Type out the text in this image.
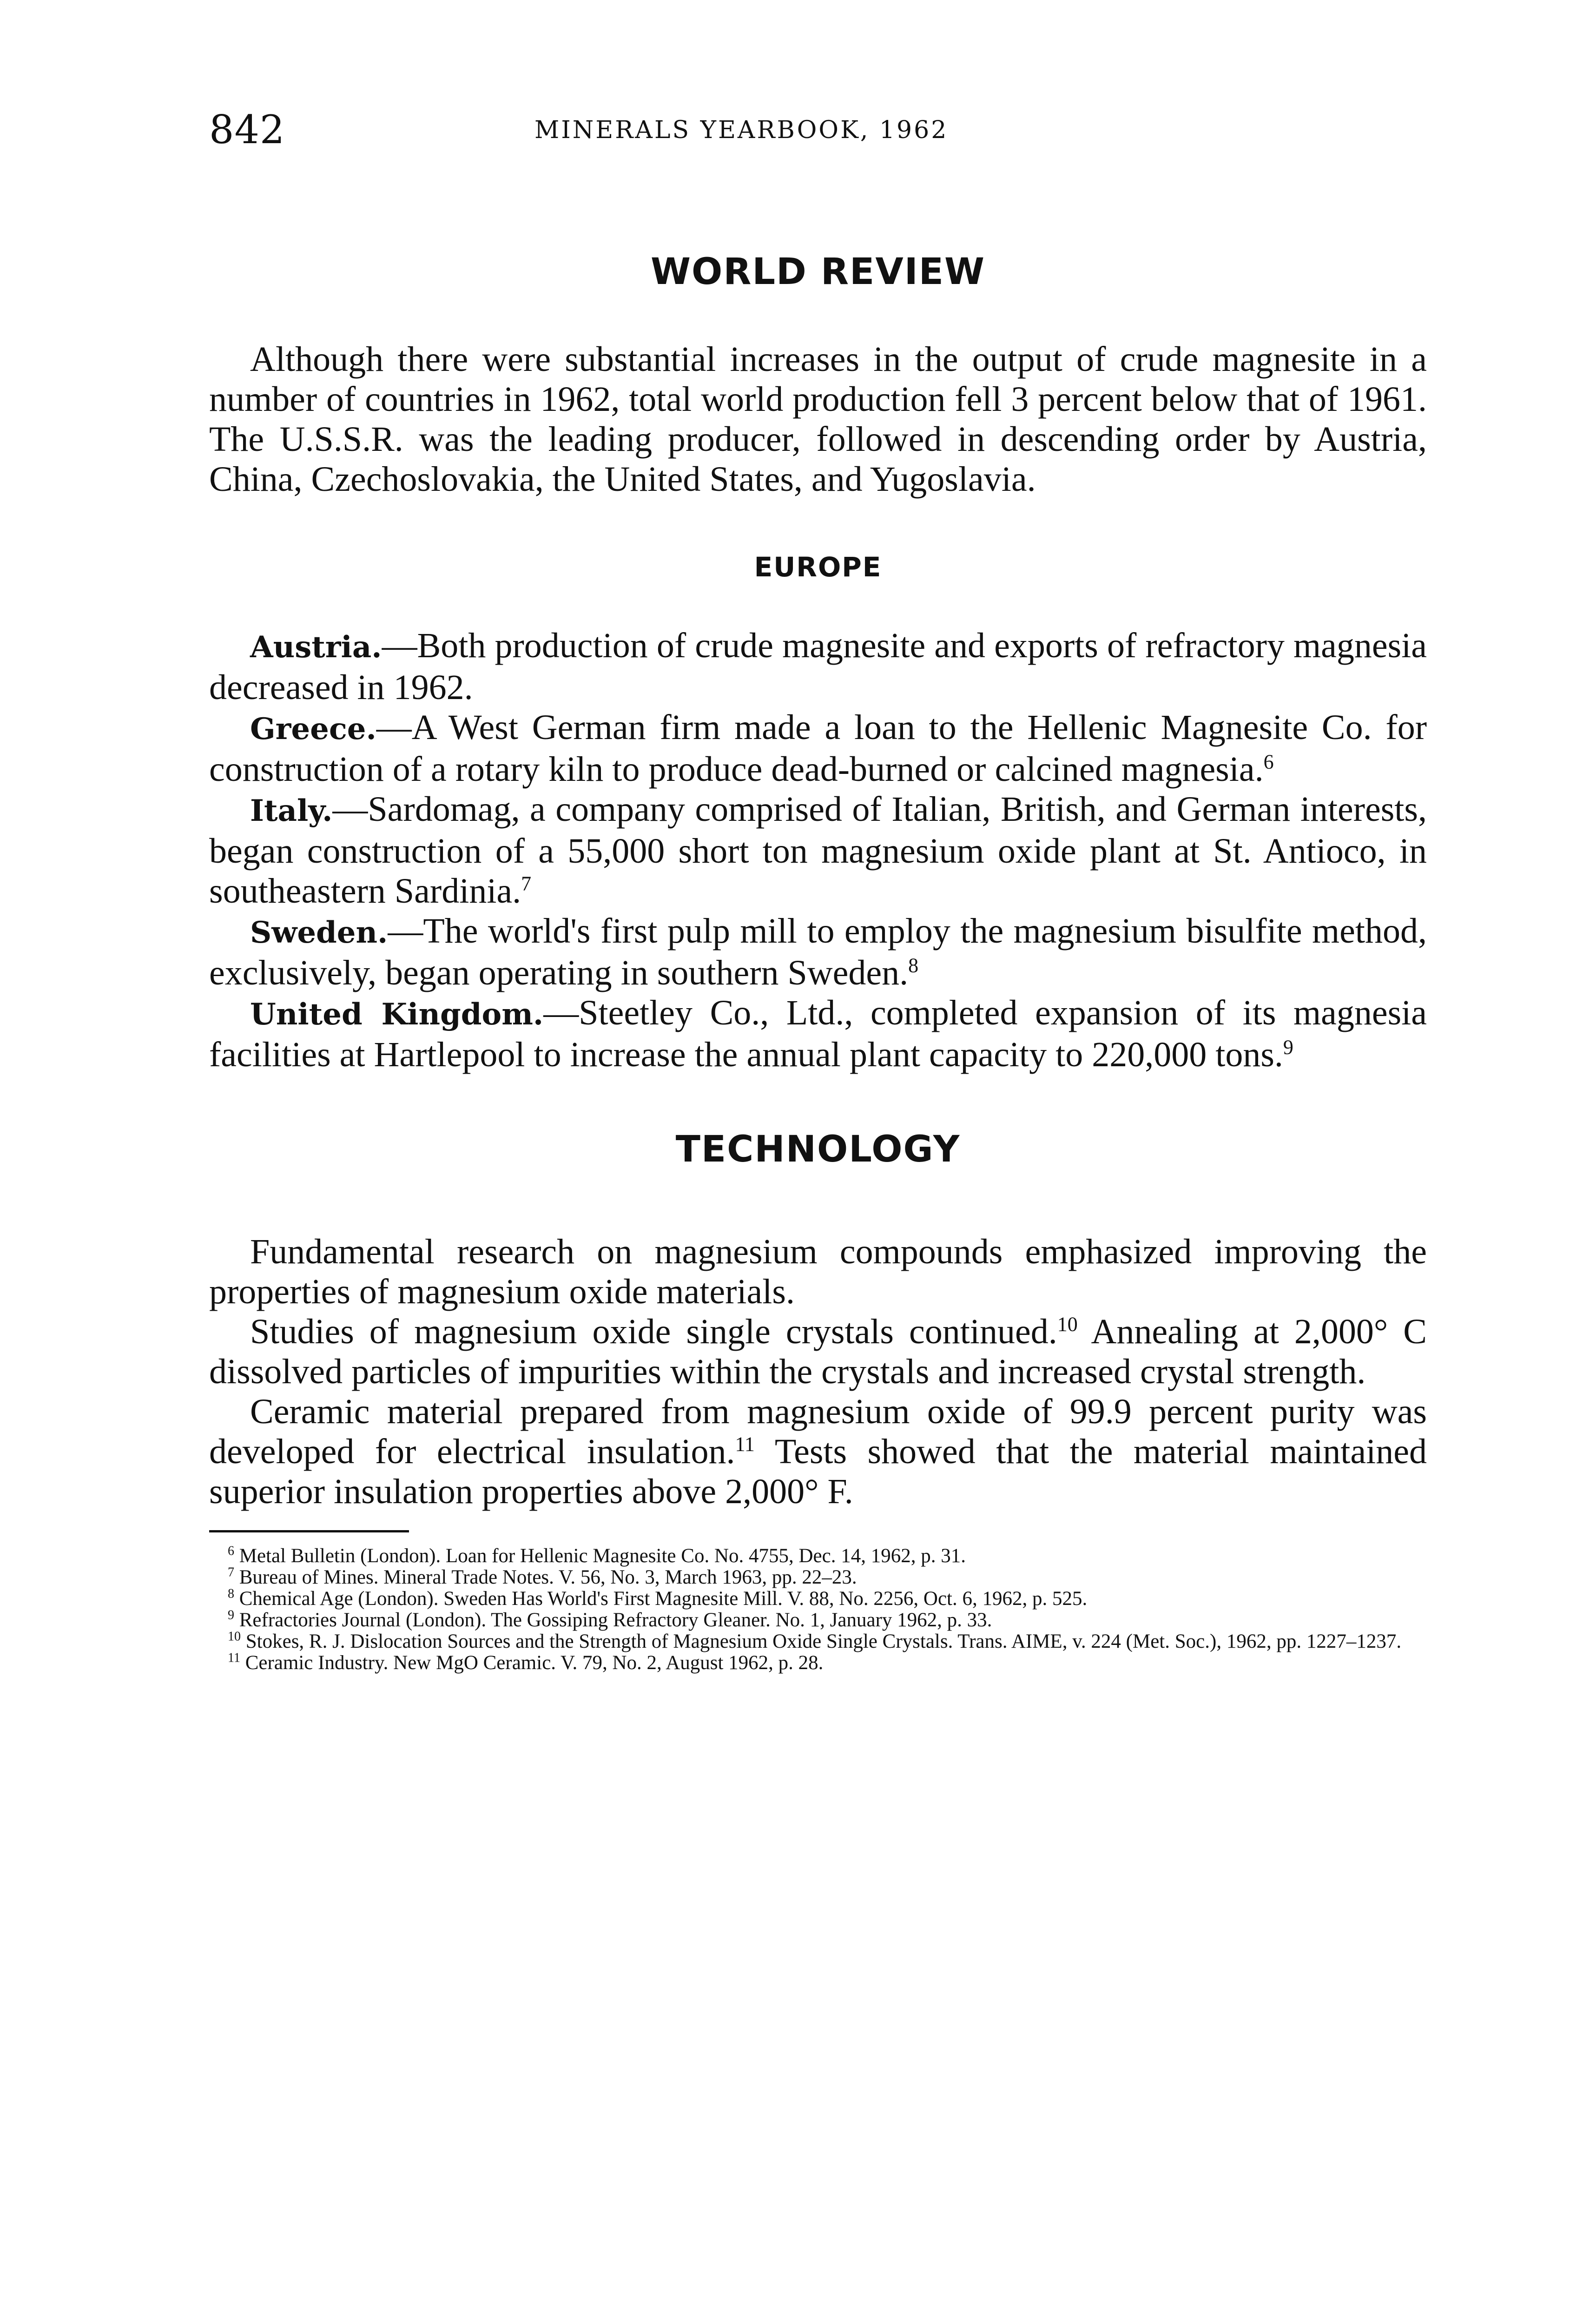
842	MINERALS YEARBOOK, 1962
WORLD REVIEW

Although there were substantial increases in the output of crude magnesite in a number of countries in 1962, total world production fell 3 percent below that of 1961. The U.S.S.R. was the leading producer, followed in descending order by Austria, China, Czechoslovakia, the United States, and Yugoslavia.

EUROPE

Austria.—Both production of crude magnesite and exports of refractory magnesia decreased in 1962.

Greece.—A West German firm made a loan to the Hellenic Magnesite Co. for construction of a rotary kiln to produce dead-burned or calcined magnesia.$^6$

Italy.—Sardomag, a company comprised of Italian, British, and German interests, began construction of a 55,000 short ton magnesium oxide plant at St. Antioco, in southeastern Sardinia.$^7$

Sweden.—The world's first pulp mill to employ the magnesium bisulfite method, exclusively, began operating in southern Sweden.$^8$

United Kingdom.—Steetley Co., Ltd., completed expansion of its magnesia facilities at Hartlepool to increase the annual plant capacity to 220,000 tons.$^9$

TECHNOLOGY

Fundamental research on magnesium compounds emphasized improving the properties of magnesium oxide materials.

Studies of magnesium oxide single crystals continued.$^{10}$ Annealing at 2,000° C dissolved particles of impurities within the crystals and increased crystal strength.

Ceramic material prepared from magnesium oxide of 99.9 percent purity was developed for electrical insulation.$^{11}$ Tests showed that the material maintained superior insulation properties above 2,000° F.

$^6$ Metal Bulletin (London). Loan for Hellenic Magnesite Co. No. 4755, Dec. 14, 1962, p. 31.

$^7$ Bureau of Mines. Mineral Trade Notes. V. 56, No. 3, March 1963, pp. 22–23.

$^8$ Chemical Age (London). Sweden Has World's First Magnesite Mill. V. 88, No. 2256, Oct. 6, 1962, p. 525.

$^9$ Refractories Journal (London). The Gossiping Refractory Gleaner. No. 1, January 1962, p. 33.

$^{10}$ Stokes, R. J. Dislocation Sources and the Strength of Magnesium Oxide Single Crystals. Trans. AIME, v. 224 (Met. Soc.), 1962, pp. 1227–1237.

$^{11}$ Ceramic Industry. New MgO Ceramic. V. 79, No. 2, August 1962, p. 28.
